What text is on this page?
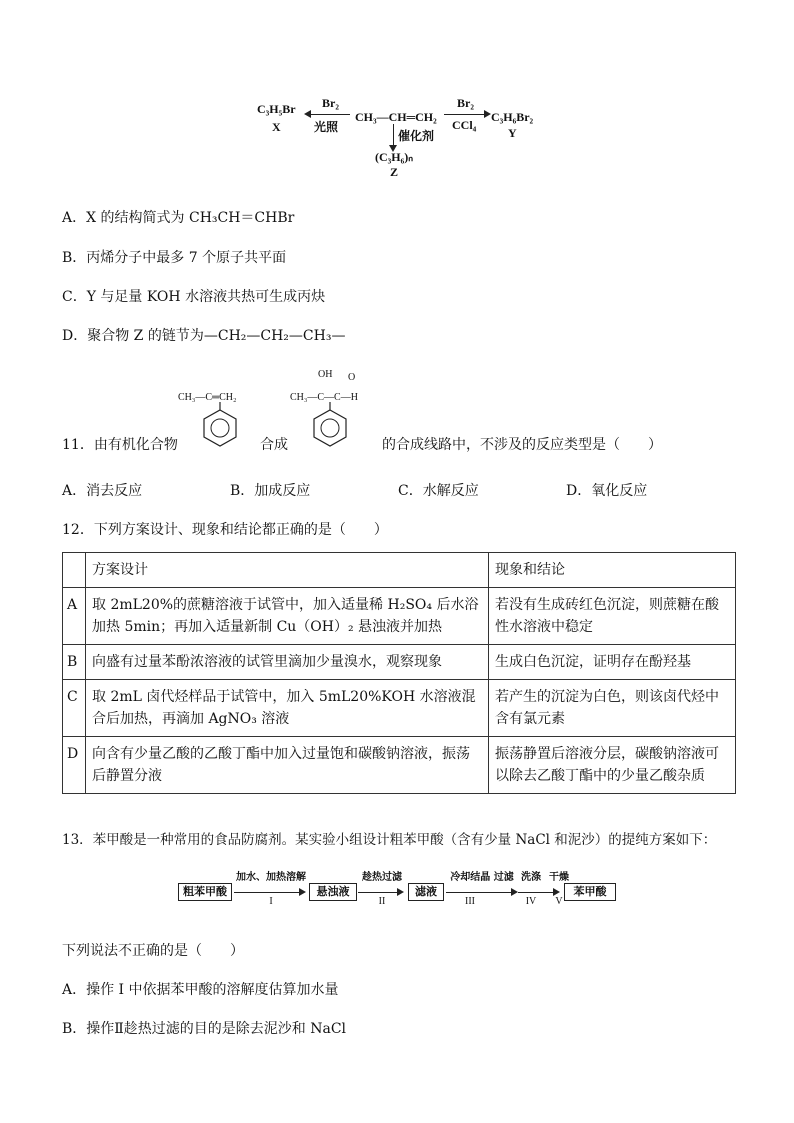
C₃H₅Br
X
Br₂
光照
CH₃—CH═CH₂
Br₂
CCl₄
C₃H₆Br₂
Y
催化剂
(C₃H₆)ₙ
Z
A．X 的结构简式为 CH₃CH＝CHBr
B．丙烯分子中最多 7 个原子共平面
C．Y 与足量 KOH 水溶液共热可生成丙炔
D．聚合物 Z 的链节为—CH₂—CH₂—CH₃—
CH₃—C═CH₂
OH O
CH₃—C—C—H
11．由有机化合物	合成	的合成线路中，不涉及的反应类型是（　　）
A．消去反应	B．加成反应	C．水解反应	D．氧化反应
12．下列方案设计、现象和结论都正确的是（　　）
	方案设计	现象和结论
A	取 2mL20%的蔗糖溶液于试管中，加入适量稀 H₂SO₄ 后水浴加热 5min；再加入适量新制 Cu（OH）₂ 悬浊液并加热	若没有生成砖红色沉淀，则蔗糖在酸性水溶液中稳定
B	向盛有过量苯酚浓溶液的试管里滴加少量溴水，观察现象	生成白色沉淀，证明存在酚羟基
C	取 2mL 卤代烃样品于试管中，加入 5mL20%KOH 水溶液混合后加热，再滴加 AgNO₃ 溶液	若产生的沉淀为白色，则该卤代烃中含有氯元素
D	向含有少量乙酸的乙酸丁酯中加入过量饱和碳酸钠溶液，振荡后静置分液	振荡静置后溶液分层，碳酸钠溶液可以除去乙酸丁酯中的少量乙酸杂质
13．苯甲酸是一种常用的食品防腐剂。某实验小组设计粗苯甲酸（含有少量 NaCl 和泥沙）的提纯方案如下：
粗苯甲酸
加水、加热溶解
I
悬浊液
趁热过滤
II
滤液
冷却结晶 过滤
III
洗涤
IV
干燥
V
苯甲酸
下列说法不正确的是（　　）
A．操作 I 中依据苯甲酸的溶解度估算加水量
B．操作Ⅱ趁热过滤的目的是除去泥沙和 NaCl
